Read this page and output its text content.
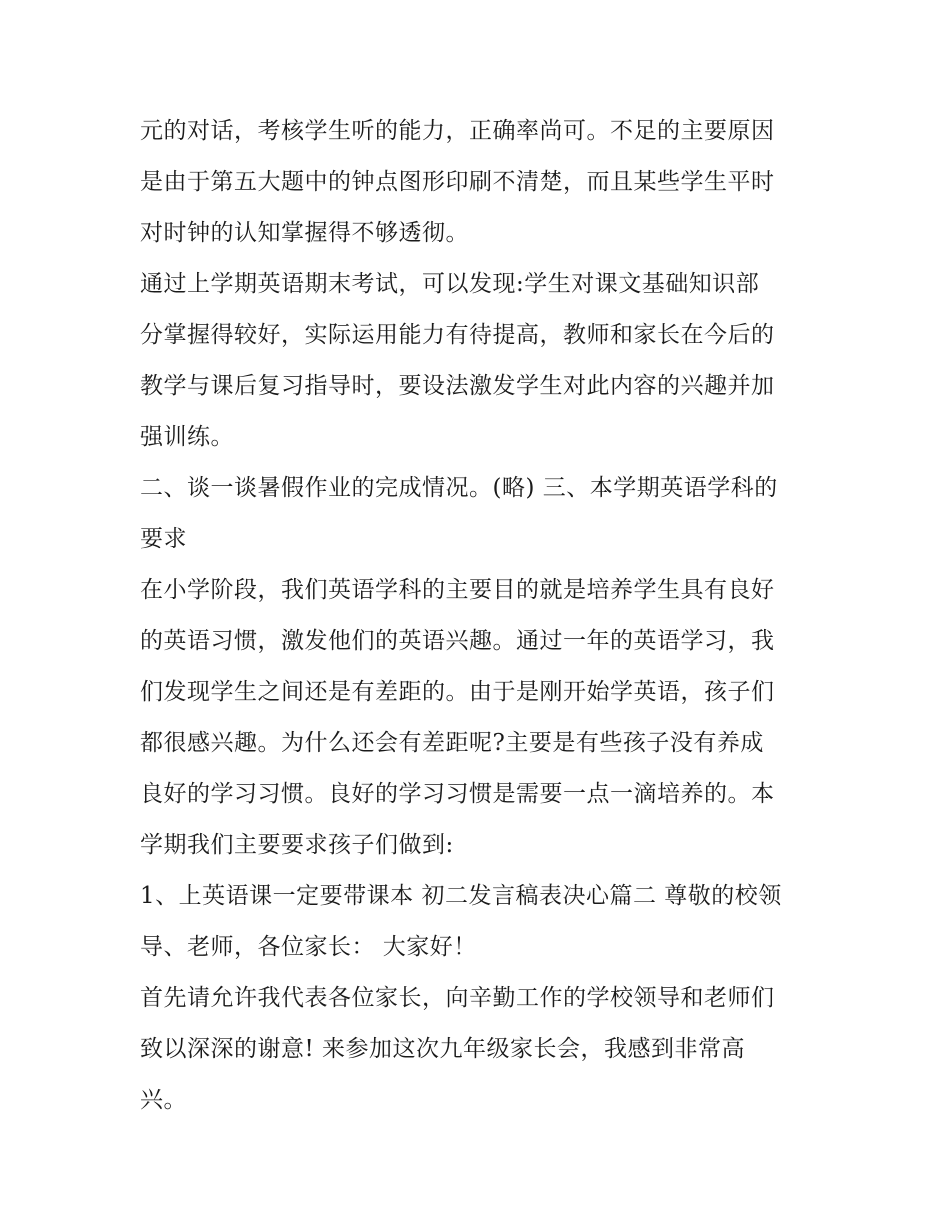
元的对话，考核学生听的能力，正确率尚可。不足的主要原因
是由于第五大题中的钟点图形印刷不清楚，而且某些学生平时
对时钟的认知掌握得不够透彻。
通过上学期英语期末考试，可以发现:学生对课文基础知识部
分掌握得较好，实际运用能力有待提高，教师和家长在今后的
教学与课后复习指导时，要设法激发学生对此内容的兴趣并加
强训练。
二、谈一谈暑假作业的完成情况。(略) 三、本学期英语学科的
要求
在小学阶段，我们英语学科的主要目的就是培养学生具有良好
的英语习惯，激发他们的英语兴趣。通过一年的英语学习，我
们发现学生之间还是有差距的。由于是刚开始学英语，孩子们
都很感兴趣。为什么还会有差距呢?主要是有些孩子没有养成
良好的学习习惯。良好的学习习惯是需要一点一滴培养的。本
学期我们主要要求孩子们做到:
1、上英语课一定要带课本 初二发言稿表决心篇二 尊敬的校领
导、老师，各位家长： 大家好！
首先请允许我代表各位家长，向辛勤工作的学校领导和老师们
致以深深的谢意! 来参加这次九年级家长会，我感到非常高
兴。
